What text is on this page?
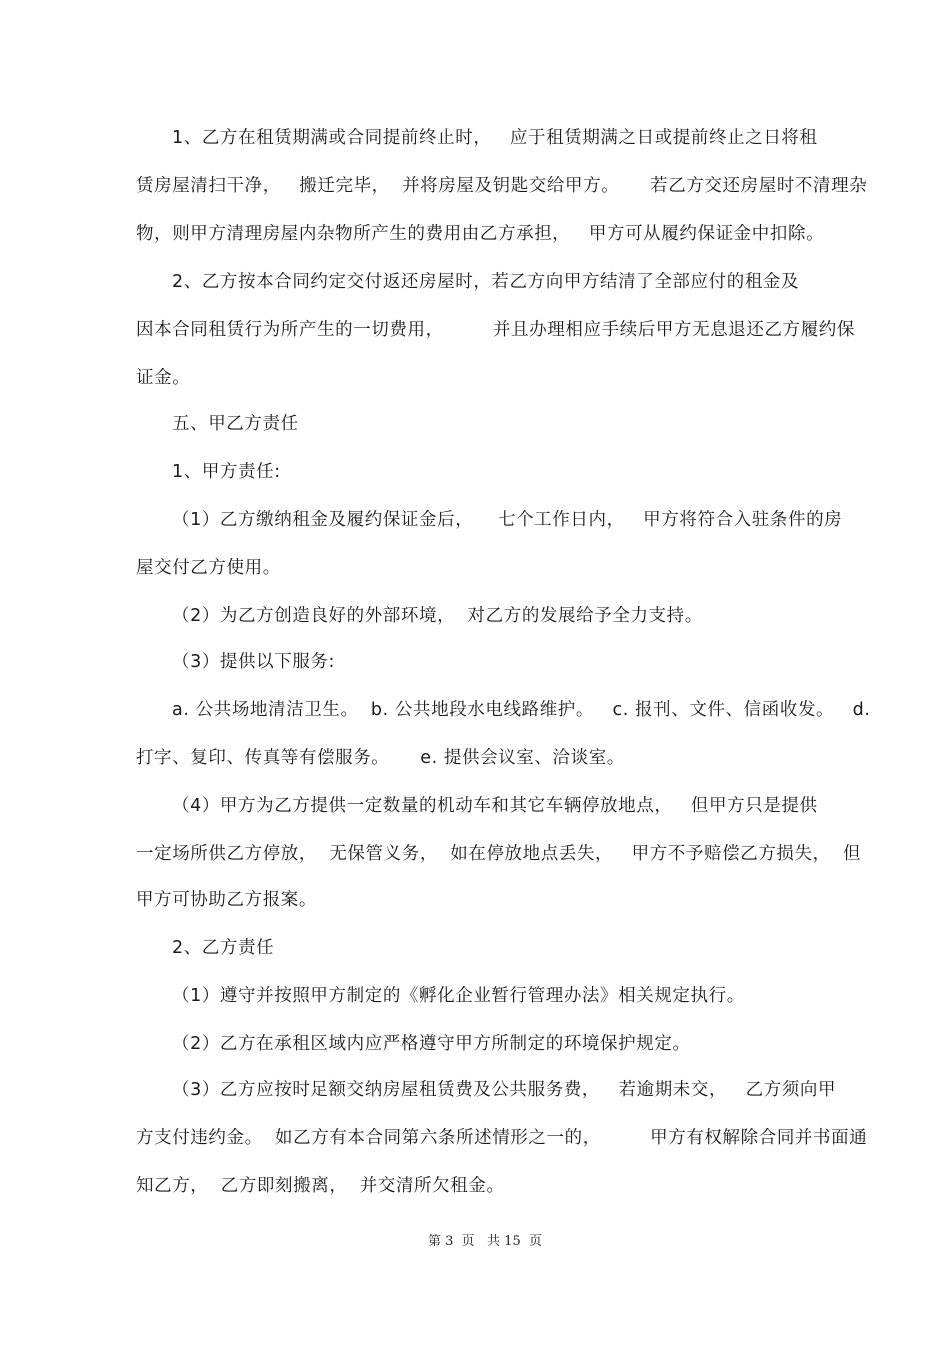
1、乙方在租赁期满或合同提前终止时，   应于租赁期满之日或提前终止之日将租
赁房屋清扫干净，   搬迁完毕，  并将房屋及钥匙交给甲方。     若乙方交还房屋时不清理杂
物，则甲方清理房屋内杂物所产生的费用由乙方承担，   甲方可从履约保证金中扣除。
2、乙方按本合同约定交付返还房屋时，若乙方向甲方结清了全部应付的租金及
因本合同租赁行为所产生的一切费用，        并且办理相应手续后甲方无息退还乙方履约保
证金。
五、甲乙方责任
1、甲方责任:
（1）乙方缴纳租金及履约保证金后，    七个工作日内，   甲方将符合入驻条件的房
屋交付乙方使用。
（2）为乙方创造良好的外部环境，  对乙方的发展给予全力支持。
（3）提供以下服务:
a. 公共场地清洁卫生。  b. 公共地段水电线路维护。   c. 报刊、文件、信函收发。   d.
打字、复印、传真等有偿服务。     e. 提供会议室、洽谈室。
（4）甲方为乙方提供一定数量的机动车和其它车辆停放地点，   但甲方只是提供
一定场所供乙方停放，  无保管义务，  如在停放地点丢失，   甲方不予赔偿乙方损失，  但
甲方可协助乙方报案。
2、乙方责任
（1）遵守并按照甲方制定的《孵化企业暂行管理办法》相关规定执行。
（2）乙方在承租区域内应严格遵守甲方所制定的环境保护规定。
（3）乙方应按时足额交纳房屋租赁费及公共服务费，   若逾期未交，   乙方须向甲
方支付违约金。  如乙方有本合同第六条所述情形之一的，        甲方有权解除合同并书面通
知乙方，  乙方即刻搬离，  并交清所欠租金。
第 3  页   共 15  页
